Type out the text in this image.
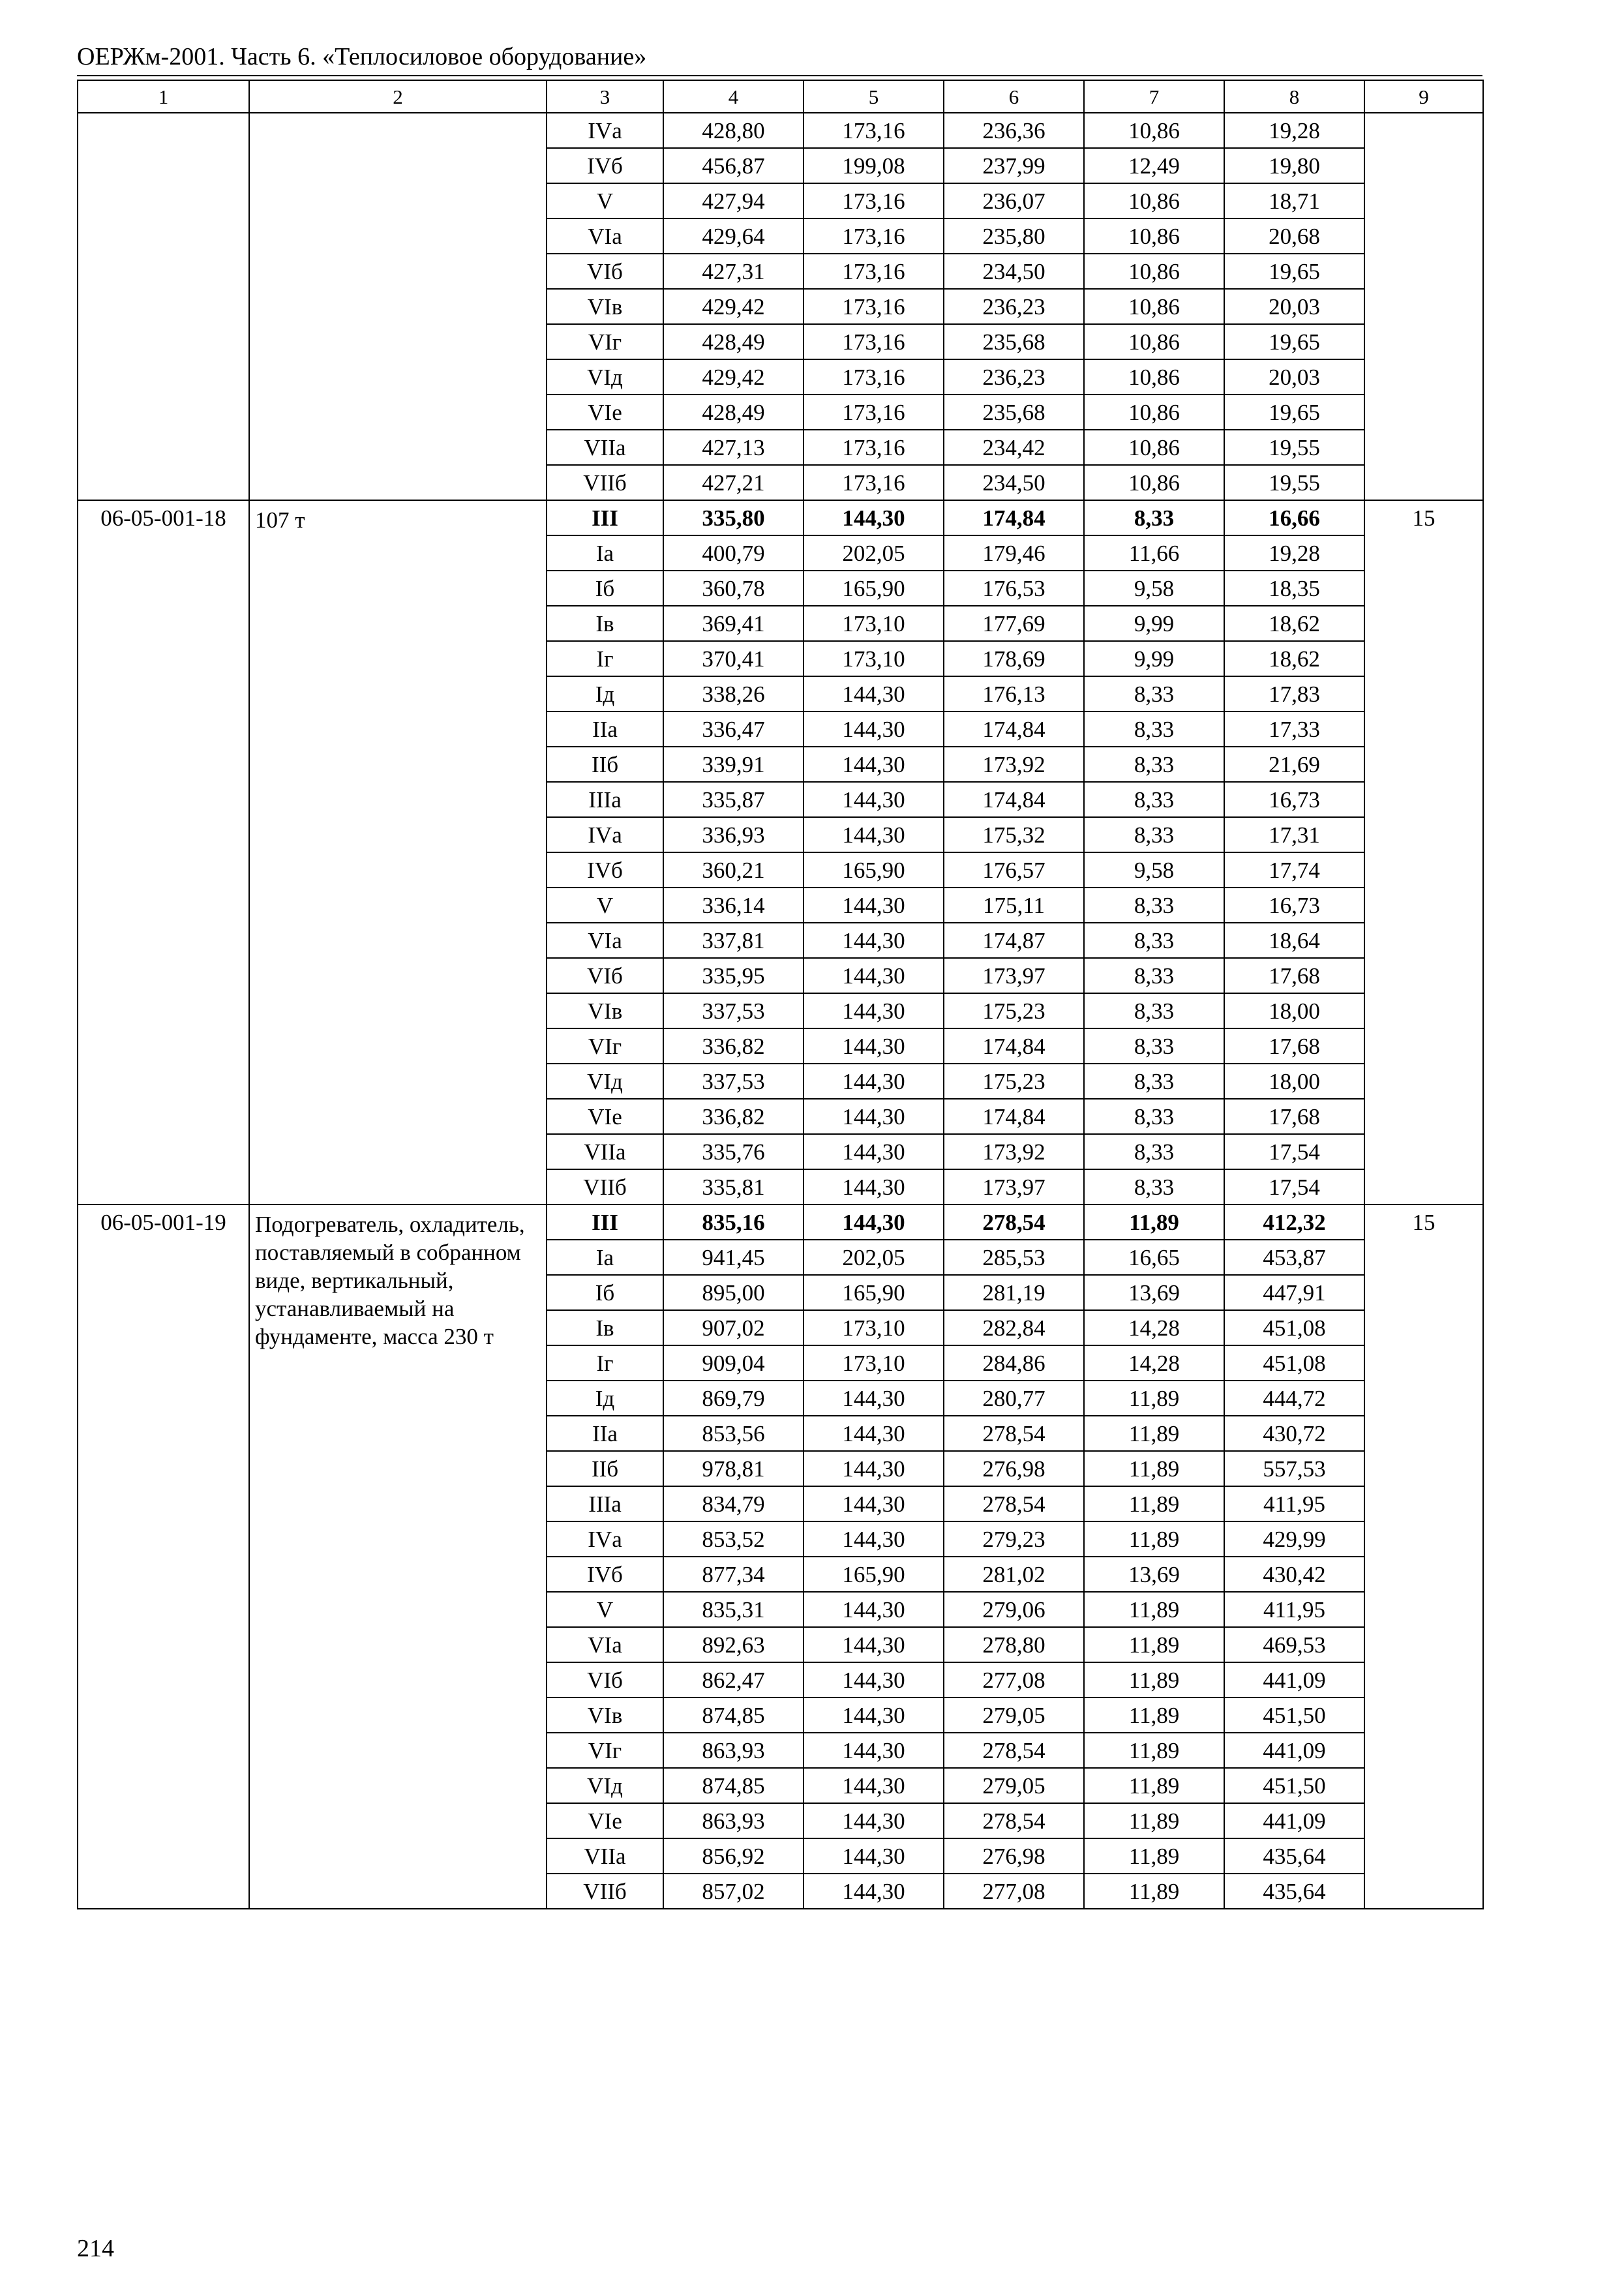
ОЕРЖм-2001. Часть 6. «Теплосиловое оборудование»
1	2	3	4	5	6	7	8	9
		IVа	428,80	173,16	236,36	10,86	19,28	
		IVб	456,87	199,08	237,99	12,49	19,80	
		V	427,94	173,16	236,07	10,86	18,71	
		VIа	429,64	173,16	235,80	10,86	20,68	
		VIб	427,31	173,16	234,50	10,86	19,65	
		VIв	429,42	173,16	236,23	10,86	20,03	
		VIг	428,49	173,16	235,68	10,86	19,65	
		VIд	429,42	173,16	236,23	10,86	20,03	
		VIе	428,49	173,16	235,68	10,86	19,65	
		VIIа	427,13	173,16	234,42	10,86	19,55	
		VIIб	427,21	173,16	234,50	10,86	19,55	
06-05-001-18	107 т	III	335,80	144,30	174,84	8,33	16,66	15
		Iа	400,79	202,05	179,46	11,66	19,28	
		Iб	360,78	165,90	176,53	9,58	18,35	
		Iв	369,41	173,10	177,69	9,99	18,62	
		Iг	370,41	173,10	178,69	9,99	18,62	
		Iд	338,26	144,30	176,13	8,33	17,83	
		IIа	336,47	144,30	174,84	8,33	17,33	
		IIб	339,91	144,30	173,92	8,33	21,69	
		IIIа	335,87	144,30	174,84	8,33	16,73	
		IVа	336,93	144,30	175,32	8,33	17,31	
		IVб	360,21	165,90	176,57	9,58	17,74	
		V	336,14	144,30	175,11	8,33	16,73	
		VIа	337,81	144,30	174,87	8,33	18,64	
		VIб	335,95	144,30	173,97	8,33	17,68	
		VIв	337,53	144,30	175,23	8,33	18,00	
		VIг	336,82	144,30	174,84	8,33	17,68	
		VIд	337,53	144,30	175,23	8,33	18,00	
		VIе	336,82	144,30	174,84	8,33	17,68	
		VIIа	335,76	144,30	173,92	8,33	17,54	
		VIIб	335,81	144,30	173,97	8,33	17,54	
06-05-001-19	Подогреватель, охладитель, поставляемый в собранном виде, вертикальный, устанавливаемый на фундаменте, масса 230 т	III	835,16	144,30	278,54	11,89	412,32	15
		Iа	941,45	202,05	285,53	16,65	453,87	
		Iб	895,00	165,90	281,19	13,69	447,91	
		Iв	907,02	173,10	282,84	14,28	451,08	
		Iг	909,04	173,10	284,86	14,28	451,08	
		Iд	869,79	144,30	280,77	11,89	444,72	
		IIа	853,56	144,30	278,54	11,89	430,72	
		IIб	978,81	144,30	276,98	11,89	557,53	
		IIIа	834,79	144,30	278,54	11,89	411,95	
		IVа	853,52	144,30	279,23	11,89	429,99	
		IVб	877,34	165,90	281,02	13,69	430,42	
		V	835,31	144,30	279,06	11,89	411,95	
		VIа	892,63	144,30	278,80	11,89	469,53	
		VIб	862,47	144,30	277,08	11,89	441,09	
		VIв	874,85	144,30	279,05	11,89	451,50	
		VIг	863,93	144,30	278,54	11,89	441,09	
		VIд	874,85	144,30	279,05	11,89	451,50	
		VIе	863,93	144,30	278,54	11,89	441,09	
		VIIа	856,92	144,30	276,98	11,89	435,64	
		VIIб	857,02	144,30	277,08	11,89	435,64	
214
